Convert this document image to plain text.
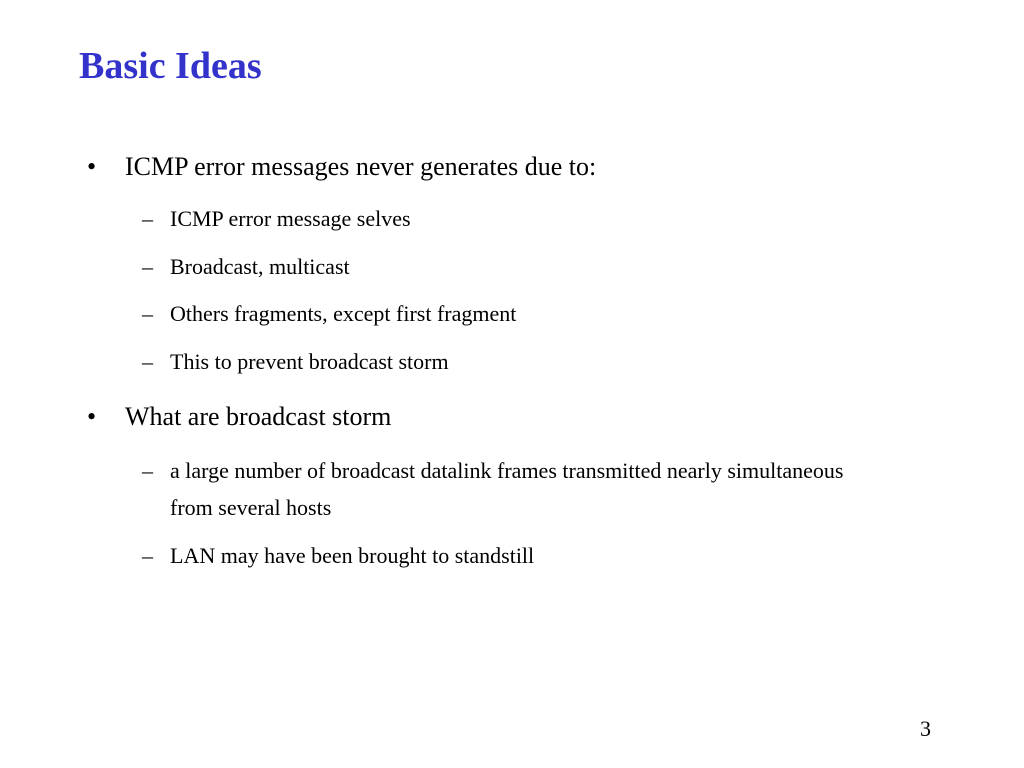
Basic Ideas
• ICMP error messages never generates due to:
– ICMP error message selves
– Broadcast, multicast
– Others fragments, except first fragment
– This to prevent broadcast storm
• What are broadcast storm
– a large number of broadcast datalink frames transmitted nearly simultaneous from several hosts
– LAN may have been brought to standstill
3
